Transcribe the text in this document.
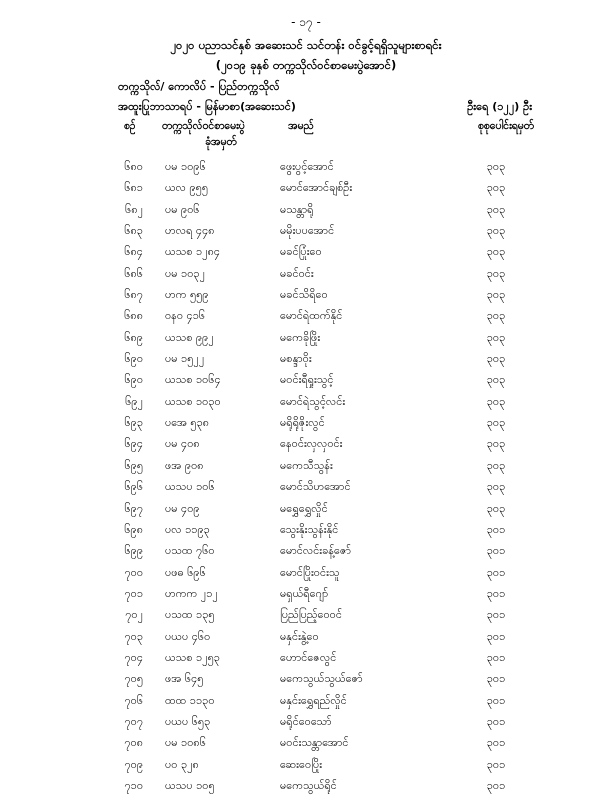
- ၁၇ -
၂၀၂၀ ပညာသင်နှစ် အဆေးသင် သင်တန်း ဝင်ခွင့်ရရှိသူများစာရင်း
(၂၀၁၉ ခုနှစ် တက္ကသိုလ်ဝင်စာမေးပွဲအောင်)
တက္ကသိုလ်/ ကောလိပ် - ပြည်တက္ကသိုလ်
အထူးပြုဘာသာရပ် - မြန်မာစာ(အဆေးသင်)	ဦးရေ (၁၂၂) ဦး
စဉ်	တက္ကသိုလ်ဝင်စာမေးပွဲ
ခုံအမှတ်
အမည်	စုစုပေါင်းရမှတ်
၆၈၀ ပမ ၁၀၉၆	ဖွေးပွင့်အောင်	၃၀၃
၆၈၁ ယလ ၉၅၅	မောင်အောင်ချစ်ဦး	၃၀၃
၆၈၂ ပမ ၉၀၆	မသန္တာရို	၃၀၃
၆၈၃ ဟလရ ၄၄၈	မမိုးပပအောင်	၃၀၃
၆၈၄ ယသစ ၁၂၈၄	မခင်ပြုံးဝေ	၃၀၃
၆၈၆ ပမ ၁၀၃၂	မခင်ဝင်း	၃၀၃
၆၈၇ ဟက ၅၅၉	မခင်သိရိဝေ	၃၀၃
၆၈၈ ဝနဝ ၄၁၆	မောင်ရဲထက်နိုင်	၃၀၃
၆၈၉ ယသစ ၉၉၂	မကေခိုဖြိုး	၃၀၃
၆၉၀ ပမ ၁၅၂၂	မစန္ဒာဝိုး	၃၀၃
၆၉၀ ယသစ ၁၀၆၄	မဝင်းရီရှုးသွင့်	၃၀၃
၆၉၂ ယသစ ၁၀၃၀	မောင်ရဲသွင့်လင်း	၃၀၃
၆၉၃ ပအေ ၅၃၈	မရိုရိုဇိုးလွင်	၃၀၃
၆၉၄ ပမ ၄၀၈	နေဝင်းလှလှဝင်း	၃၀၃
၆၉၅ ဖအ ၉၀၈	မကေသီသွန်း	၃၀၃
၆၉၆ ယသပ ၁၀၆	မောင်သိဟအောင်	၃၀၃
၆၉၇ ပမ ၄၀၉	မရွှေရွှေလှိုင်	၃၀၃
၆၉၈ ပလ ၁၁၉၃	သွေးနိုးသွန်းနိုင်	၃၀၁
၆၉၉ ပသထ ၇၆၀	မောင်လင်းခန့်ဇော်	၃၀၁
၇၀၀ ပဖဓ ၆၉၆	မောင်ပြိုးဝင်းသူ	၃၀၁
၇၀၁ ဟကက ၂၁၂	မရှယ်ရီဂျော်	၃၀၁
၇၀၂ ပသထ ၁၃၅	ပြည်ပြည့်ဝေဝင်	၃၀၁
၇၀၃ ပယပ ၄၆၀	မနှင်းနွဲ့ဝေ	၃၀၁
၇၀၄ ယသစ ၁၂၅၃	ဟောင်ဇေလွင်	၃၀၁
၇၀၅ ဖအ ၆၄၅	မကေသွယ်သွယ်ဇော်	၃၀၁
၇၀၆ ထထ ၁၁၃၀	မနှင်းရွှေရည်လှိုင်	၃၀၁
၇၀၇ ပယပ ၆၅၃	မရိုင်ဝေသော်	၃၀၁
၇၀၈ ပမ ၁၀၈၆	မဝင်းသန္တာအောင်	၃၀၁
၇၀၉ ပဝ ၃၂၈	ဆေးဝေပြိုး	၃၀၁
၇၁၀ ယသပ ၁၀၅	မကေသွယ်ရိုင်	၃၀၁
